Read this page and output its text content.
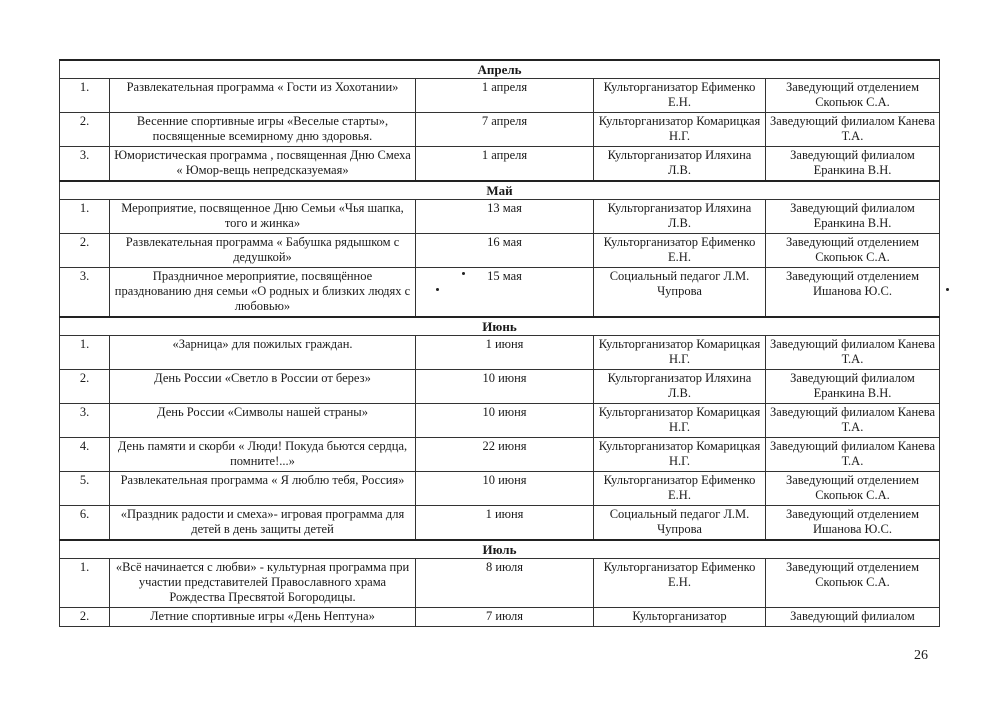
Апрель				
1.	Развлекательная программа « Гости из Хохотании»	1 апреля	Культорганизатор Ефименко Е.Н.	Заведующий отделением Скопьюк С.А.
2.	Весенние спортивные игры «Веселые старты», посвященные всемирному дню здоровья.	7 апреля	Культорганизатор Комарицкая Н.Г.	Заведующий филиалом Канева Т.А.
3.	Юмористическая программа , посвященная Дню Смеха « Юмор-вещь непредсказуемая»	1 апреля	Культорганизатор Иляхина Л.В.	Заведующий филиалом Еранкина В.Н.
Май				
1.	Мероприятие, посвященное Дню Семьи «Чья шапка, того и жинка»	13 мая	Культорганизатор Иляхина Л.В.	Заведующий филиалом Еранкина В.Н.
2.	Развлекательная программа « Бабушка рядышком с дедушкой»	16 мая	Культорганизатор Ефименко Е.Н.	Заведующий отделением Скопьюк С.А.
3.	Праздничное мероприятие, посвящённое празднованию дня семьи «О родных и близких людях с любовью»	15 мая	Социальный педагог Л.М. Чупрова	Заведующий отделением Ишанова Ю.С.
Июнь				
1.	«Зарница» для пожилых граждан.	1 июня	Культорганизатор Комарицкая Н.Г.	Заведующий филиалом Канева Т.А.
2.	День России «Светло в России от берез»	10 июня	Культорганизатор Иляхина Л.В.	Заведующий филиалом Еранкина В.Н.
3.	День России «Символы нашей страны»	10 июня	Культорганизатор Комарицкая Н.Г.	Заведующий филиалом Канева Т.А.
4.	День памяти и скорби « Люди! Покуда бьются сердца, помните!...»	22 июня	Культорганизатор Комарицкая Н.Г.	Заведующий филиалом Канева Т.А.
5.	Развлекательная программа « Я люблю тебя, Россия»	10 июня	Культорганизатор Ефименко Е.Н.	Заведующий отделением Скопьюк С.А.
6.	«Праздник радости и смеха»- игровая программа для детей в день защиты детей	1 июня	Социальный педагог Л.М. Чупрова	Заведующий отделением Ишанова Ю.С.
Июль				
1.	«Всё начинается с любви» - культурная программа при участии представителей Православного храма Рождества Пресвятой Богородицы.	8 июля	Культорганизатор Ефименко Е.Н.	Заведующий отделением Скопьюк С.А.
2.	Летние спортивные игры «День Нептуна»	7 июля	Культорганизатор	Заведующий филиалом
26
